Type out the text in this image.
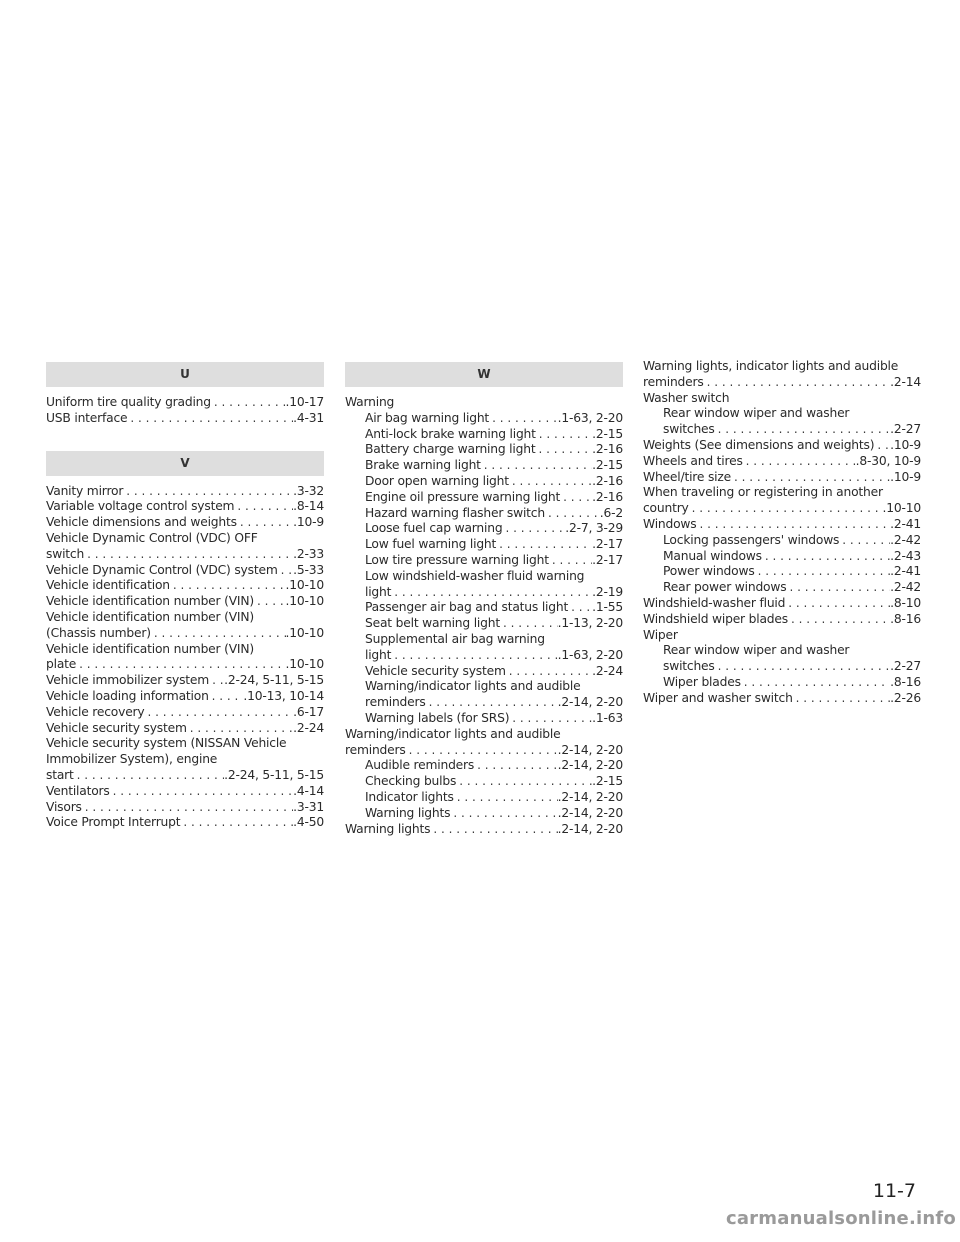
U
Uniform tire quality grading . . .	.10-17
USB interface . . .	.4-31
V
Vanity mirror . . .	.3-32
Variable voltage control system . . .	.8-14
Vehicle dimensions and weights . . .	.10-9
Vehicle Dynamic Control (VDC) OFF
switch . . .	.2-33
Vehicle Dynamic Control (VDC) system . . . .5-33
Vehicle identification . . .	.10-10
Vehicle identification number (VIN) . . .	.10-10
Vehicle identification number (VIN)
(Chassis number) . . .	.10-10
Vehicle identification number (VIN)
plate . . .	.10-10
Vehicle immobilizer system . . . .2-24, 5-11, 5-15
Vehicle loading information . . .	.10-13, 10-14
Vehicle recovery . . .	.6-17
Vehicle security system . . .	.2-24
Vehicle security system (NISSAN Vehicle
Immobilizer System), engine
start . . .	.2-24, 5-11, 5-15
Ventilators . . .	.4-14
Visors . . .	.3-31
Voice Prompt Interrupt . . .	.4-50
W
Warning
Air bag warning light . . .	.1-63, 2-20
Anti-lock brake warning light . . .	.2-15
Battery charge warning light . . .	.2-16
Brake warning light . . .	.2-15
Door open warning light . . .	.2-16
Engine oil pressure warning light . . .	.2-16
Hazard warning flasher switch . . .	.6-2
Loose fuel cap warning . . .	.2-7, 3-29
Low fuel warning light . . .	.2-17
Low tire pressure warning light . . .	.2-17
Low windshield-washer fluid warning
light . . .	.2-19
Passenger air bag and status light . . . .1-55
Seat belt warning light . . .	.1-13, 2-20
Supplemental air bag warning
light . . .	.1-63, 2-20
Vehicle security system . . .	.2-24
Warning/indicator lights and audible
reminders . . .	.2-14, 2-20
Warning labels (for SRS) . . .	.1-63
Warning/indicator lights and audible
reminders . . .	.2-14, 2-20
Audible reminders . . .	.2-14, 2-20
Checking bulbs . . .	.2-15
Indicator lights . . .	.2-14, 2-20
Warning lights . . .	.2-14, 2-20
Warning lights . . .	.2-14, 2-20
Warning lights, indicator lights and audible
reminders . . .	.2-14
Washer switch
Rear window wiper and washer
switches . . .	.2-27
Weights (See dimensions and weights) . . . .10-9
Wheels and tires . . .	.8-30, 10-9
Wheel/tire size . . .	.10-9
When traveling or registering in another
country . . .	.10-10
Windows . . .	.2-41
Locking passengers' windows . . .	.2-42
Manual windows . . .	.2-43
Power windows . . .	.2-41
Rear power windows . . .	.2-42
Windshield-washer fluid . . .	.8-10
Windshield wiper blades . . .	.8-16
Wiper
Rear window wiper and washer
switches . . .	.2-27
Wiper blades . . .	.8-16
Wiper and washer switch . . .	.2-26
11-7
carmanualsonline.info
